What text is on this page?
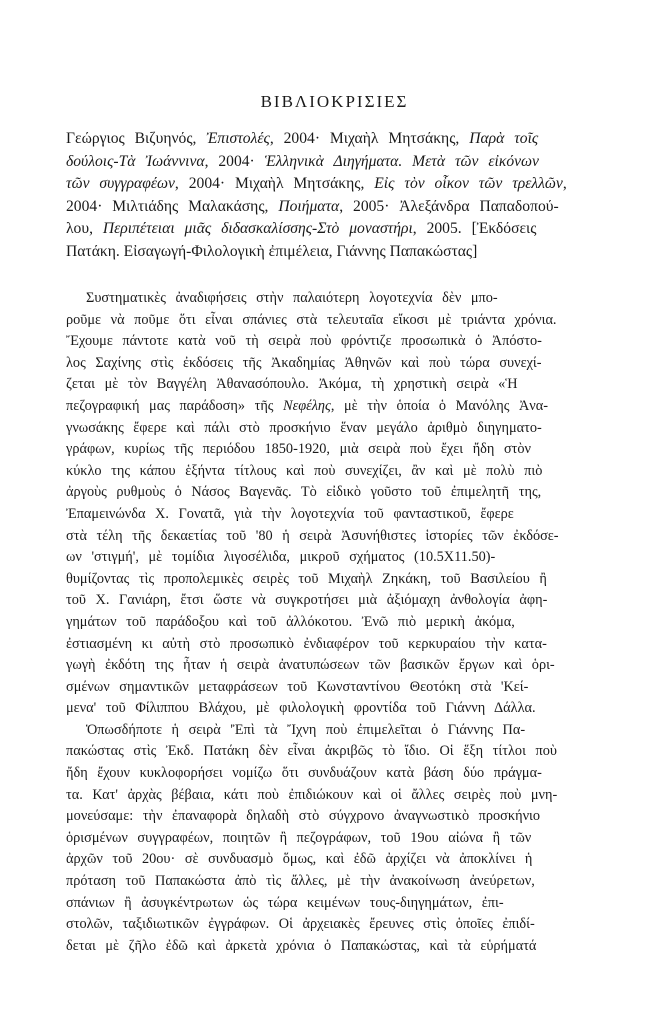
ΒΙΒΛΙΟΚΡΙΣΙΕΣ
Γεώργιος Βιζυηνός, Ἐπιστολές, 2004· Μιχαὴλ Μητσάκης, Παρὰ τοῖς
δούλοις-Τὰ Ἰωάννινα, 2004· Ἑλληνικὰ Διηγήματα. Μετὰ τῶν εἰκόνων
τῶν συγγραφέων, 2004· Μιχαὴλ Μητσάκης, Εἰς τὸν οἶκον τῶν τρελλῶν,
2004· Μιλτιάδης Μαλακάσης, Ποιήματα, 2005· Ἀλεξάνδρα Παπαδοπού-
λου, Περιπέτειαι μιᾶς διδασκαλίσσης-Στὸ μοναστήρι, 2005. [Ἐκδόσεις
Πατάκη. Εἰσαγωγή-Φιλολογικὴ ἐπιμέλεια, Γιάννης Παπακώστας]
Συστηματικὲς ἀναδιφήσεις στὴν παλαιότερη λογοτεχνία δὲν μπο-
ροῦμε νὰ ποῦμε ὅτι εἶναι σπάνιες στὰ τελευταῖα εἴκοσι μὲ τριάντα χρόνια.
Ἔχουμε πάντοτε κατὰ νοῦ τὴ σειρὰ ποὺ φρόντιζε προσωπικὰ ὁ Ἀπόστο-
λος Σαχίνης στὶς ἐκδόσεις τῆς Ἀκαδημίας Ἀθηνῶν καὶ ποὺ τώρα συνεχί-
ζεται μὲ τὸν Βαγγέλη Ἀθανασόπουλο. Ἀκόμα, τὴ χρηστικὴ σειρὰ «Ἡ
πεζογραφική μας παράδοση» τῆς Νεφέλης, μὲ τὴν ὁποία ὁ Μανόλης Ἀνα-
γνωσάκης ἔφερε καὶ πάλι στὸ προσκήνιο ἕναν μεγάλο ἀριθμὸ διηγηματο-
γράφων, κυρίως τῆς περιόδου 1850-1920, μιὰ σειρὰ ποὺ ἔχει ἤδη στὸν
κύκλο της κάπου ἑξήντα τίτλους καὶ ποὺ συνεχίζει, ἂν καὶ μὲ πολὺ πιὸ
ἀργοὺς ρυθμοὺς ὁ Νάσος Βαγενᾶς. Τὸ εἰδικὸ γοῦστο τοῦ ἐπιμελητῆ της,
Ἐπαμεινώνδα Χ. Γονατᾶ, γιὰ τὴν λογοτεχνία τοῦ φανταστικοῦ, ἔφερε
στὰ τέλη τῆς δεκαετίας τοῦ '80 ἡ σειρὰ Ἀσυνήθιστες ἱστορίες τῶν ἐκδόσε-
ων 'στιγμή', μὲ τομίδια λιγοσέλιδα, μικροῦ σχήματος (10.5X11.50)-
θυμίζοντας τὶς προπολεμικὲς σειρὲς τοῦ Μιχαὴλ Ζηκάκη, τοῦ Βασιλείου ἢ
τοῦ Χ. Γανιάρη, ἔτσι ὥστε νὰ συγκροτήσει μιὰ ἀξιόμαχη ἀνθολογία ἀφη-
γημάτων τοῦ παράδοξου καὶ τοῦ ἀλλόκοτου. Ἐνῶ πιὸ μερικὴ ἀκόμα,
ἐστιασμένη κι αὐτὴ στὸ προσωπικὸ ἐνδιαφέρον τοῦ κερκυραίου τὴν κατα-
γωγὴ ἐκδότη της ἦταν ἡ σειρὰ ἀνατυπώσεων τῶν βασικῶν ἔργων καὶ ὁρι-
σμένων σημαντικῶν μεταφράσεων τοῦ Κωνσταντίνου Θεοτόκη στὰ 'Κεί-
μενα' τοῦ Φίλιππου Βλάχου, μὲ φιλολογικὴ φροντίδα τοῦ Γιάννη Δάλλα.
Ὁπωσδήποτε ἡ σειρὰ 'Ἐπὶ τὰ Ἴχνη ποὺ ἐπιμελεῖται ὁ Γιάννης Πα-
πακώστας στὶς Ἐκδ. Πατάκη δὲν εἶναι ἀκριβῶς τὸ ἴδιο. Οἱ ἕξη τίτλοι ποὺ
ἤδη ἔχουν κυκλοφορήσει νομίζω ὅτι συνδυάζουν κατὰ βάση δύο πράγμα-
τα. Κατ' ἀρχὰς βέβαια, κάτι ποὺ ἐπιδιώκουν καὶ οἱ ἄλλες σειρὲς ποὺ μνη-
μονεύσαμε: τὴν ἐπαναφορὰ δηλαδὴ στὸ σύγχρονο ἀναγνωστικὸ προσκήνιο
ὁρισμένων συγγραφέων, ποιητῶν ἢ πεζογράφων, τοῦ 19ου αἰώνα ἢ τῶν
ἀρχῶν τοῦ 20ου· σὲ συνδυασμὸ ὅμως, καὶ ἐδῶ ἀρχίζει νὰ ἀποκλίνει ἡ
πρόταση τοῦ Παπακώστα ἀπὸ τὶς ἄλλες, μὲ τὴν ἀνακοίνωση ἀνεύρετων,
σπάνιων ἢ ἀσυγκέντρωτων ὡς τώρα κειμένων τους-διηγημάτων, ἐπι-
στολῶν, ταξιδιωτικῶν ἐγγράφων. Οἱ ἀρχειακὲς ἔρευνες στὶς ὁποῖες ἐπιδί-
δεται μὲ ζῆλο ἐδῶ καὶ ἀρκετὰ χρόνια ὁ Παπακώστας, καὶ τὰ εὑρήματά
